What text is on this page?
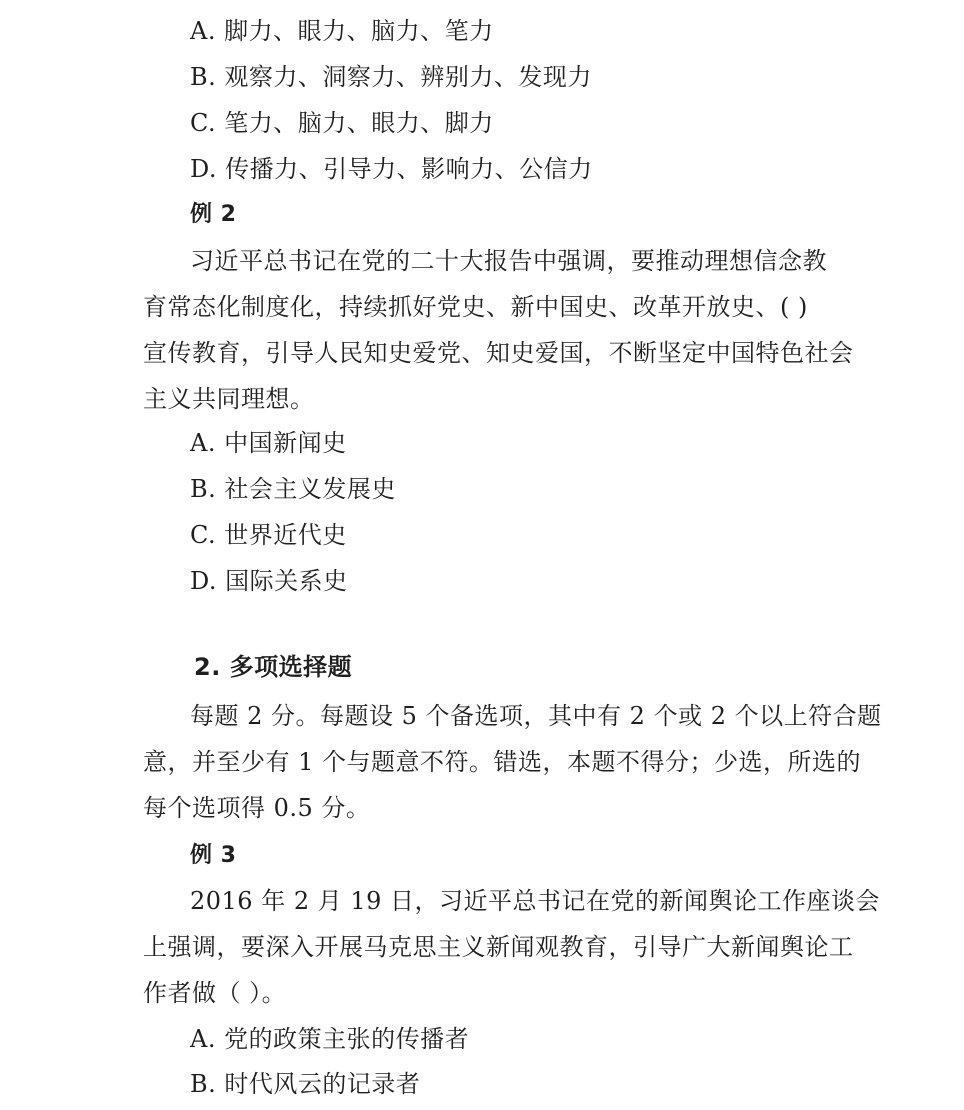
A. 脚力、眼力、脑力、笔力
B. 观察力、洞察力、辨别力、发现力
C. 笔力、脑力、眼力、脚力
D. 传播力、引导力、影响力、公信力
例 2
习近平总书记在党的二十大报告中强调，要推动理想信念教
育常态化制度化，持续抓好党史、新中国史、改革开放史、( )
宣传教育，引导人民知史爱党、知史爱国，不断坚定中国特色社会
主义共同理想。
A. 中国新闻史
B. 社会主义发展史
C. 世界近代史
D. 国际关系史
2. 多项选择题
每题 2 分。每题设 5 个备选项，其中有 2 个或 2 个以上符合题
意，并至少有 1 个与题意不符。错选，本题不得分；少选，所选的
每个选项得 0.5 分。
例 3
2016 年 2 月 19 日，习近平总书记在党的新闻舆论工作座谈会
上强调，要深入开展马克思主义新闻观教育，引导广大新闻舆论工
作者做（ ）。
A. 党的政策主张的传播者
B. 时代风云的记录者
